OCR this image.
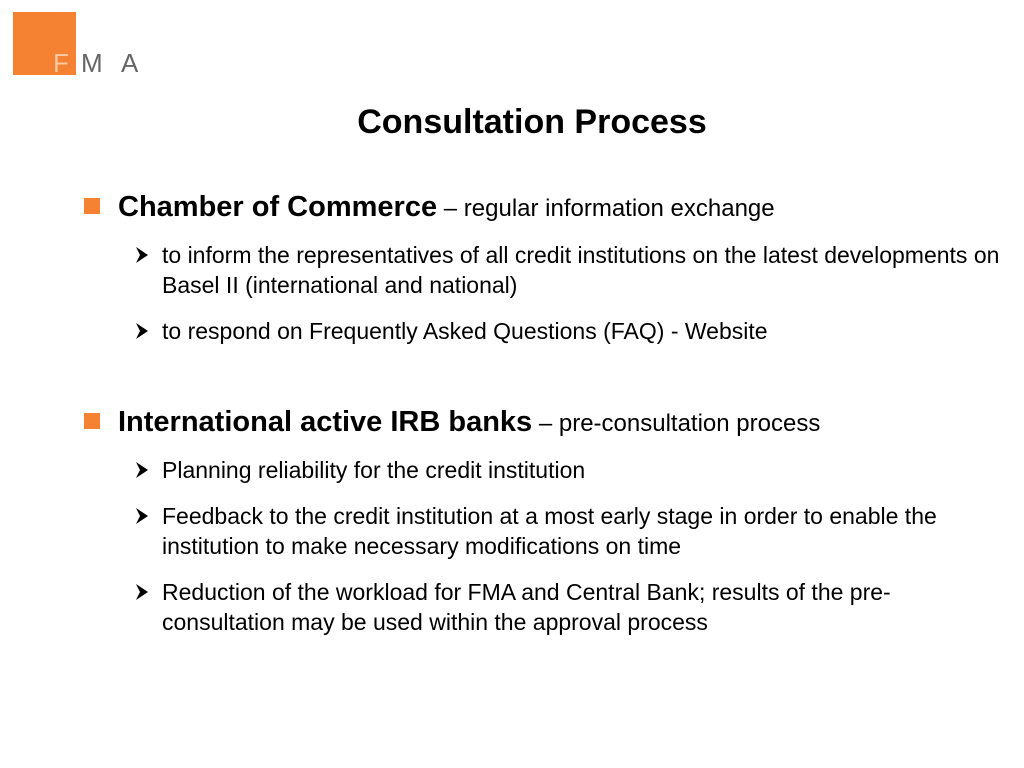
F M A
Consultation Process
Chamber of Commerce – regular information exchange
to inform the representatives of all credit institutions on the latest developments on Basel II (international and national)
to respond on Frequently Asked Questions (FAQ) - Website
International active IRB banks – pre-consultation process
Planning reliability for the credit institution
Feedback to the credit institution at a most early stage in order to enable the institution to make necessary modifications on time
Reduction of the workload for FMA and Central Bank; results of the pre-consultation may be used within the approval process
